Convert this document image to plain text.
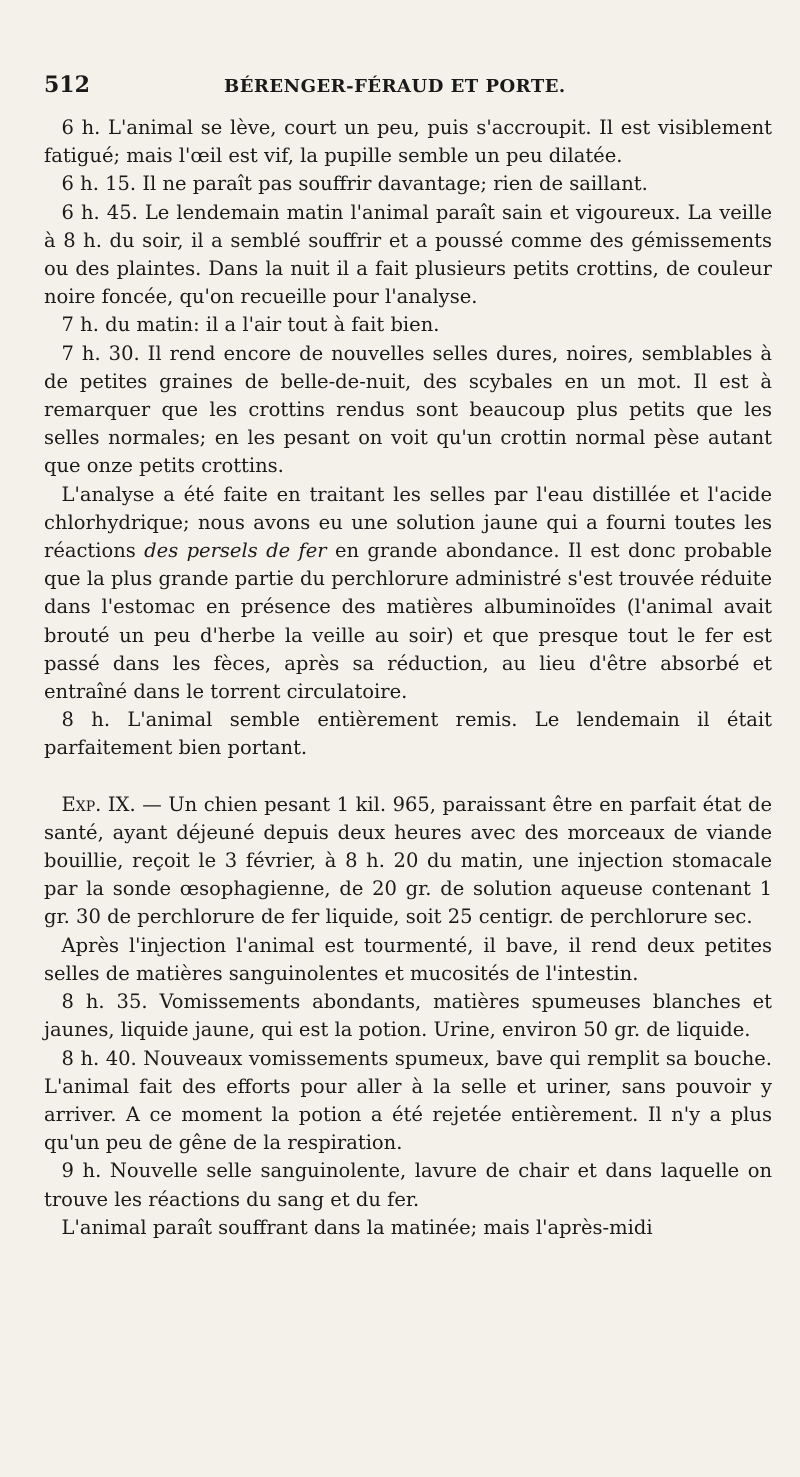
512	BÉRENGER-FÉRAUD ET PORTE.

6 h. L'animal se lève, court un peu, puis s'accroupit. Il est visiblement fatigué; mais l'œil est vif, la pupille semble un peu dilatée.

6 h. 15. Il ne paraît pas souffrir davantage; rien de saillant.

6 h. 45. Le lendemain matin l'animal paraît sain et vigoureux. La veille à 8 h. du soir, il a semblé souffrir et a poussé comme des gémissements ou des plaintes. Dans la nuit il a fait plusieurs petits crottins, de couleur noire foncée, qu'on recueille pour l'analyse.

7 h. du matin: il a l'air tout à fait bien.

7 h. 30. Il rend encore de nouvelles selles dures, noires, semblables à de petites graines de belle-de-nuit, des scybales en un mot. Il est à remarquer que les crottins rendus sont beaucoup plus petits que les selles normales; en les pesant on voit qu'un crottin normal pèse autant que onze petits crottins.

L'analyse a été faite en traitant les selles par l'eau distillée et l'acide chlorhydrique; nous avons eu une solution jaune qui a fourni toutes les réactions des persels de fer en grande abondance. Il est donc probable que la plus grande partie du perchlorure administré s'est trouvée réduite dans l'estomac en présence des matières albuminoïdes (l'animal avait brouté un peu d'herbe la veille au soir) et que presque tout le fer est passé dans les fèces, après sa réduction, au lieu d'être absorbé et entraîné dans le torrent circulatoire.

8 h. L'animal semble entièrement remis. Le lendemain il était parfaitement bien portant.

Exp. IX. — Un chien pesant 1 kil. 965, paraissant être en parfait état de santé, ayant déjeuné depuis deux heures avec des morceaux de viande bouillie, reçoit le 3 février, à 8 h. 20 du matin, une injection stomacale par la sonde œsophagienne, de 20 gr. de solution aqueuse contenant 1 gr. 30 de perchlorure de fer liquide, soit 25 centigr. de perchlorure sec.

Après l'injection l'animal est tourmenté, il bave, il rend deux petites selles de matières sanguinolentes et mucosités de l'intestin.

8 h. 35. Vomissements abondants, matières spumeuses blanches et jaunes, liquide jaune, qui est la potion. Urine, environ 50 gr. de liquide.

8 h. 40. Nouveaux vomissements spumeux, bave qui remplit sa bouche. L'animal fait des efforts pour aller à la selle et uriner, sans pouvoir y arriver. A ce moment la potion a été rejetée entièrement. Il n'y a plus qu'un peu de gêne de la respiration.

9 h. Nouvelle selle sanguinolente, lavure de chair et dans laquelle on trouve les réactions du sang et du fer.

L'animal paraît souffrant dans la matinée; mais l'après-midi
